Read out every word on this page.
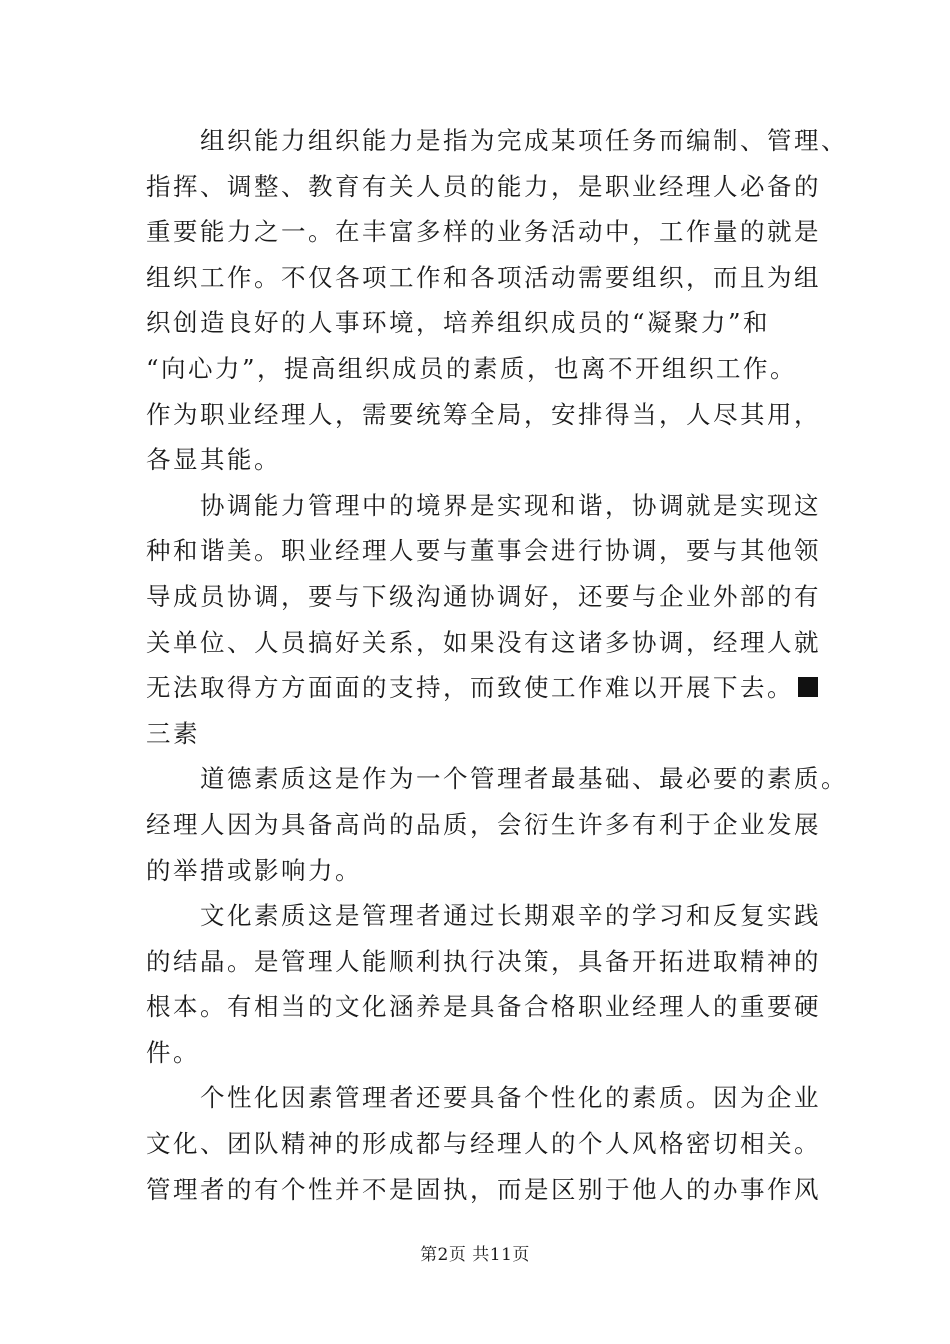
组织能力组织能力是指为完成某项任务而编制、管理、
指挥、调整、教育有关人员的能力，是职业经理人必备的
重要能力之一。在丰富多样的业务活动中，工作量的就是
组织工作。不仅各项工作和各项活动需要组织，而且为组
织创造良好的人事环境，培养组织成员的“凝聚力”和
“向心力”，提高组织成员的素质，也离不开组织工作。
作为职业经理人，需要统筹全局，安排得当，人尽其用，
各显其能。
协调能力管理中的境界是实现和谐，协调就是实现这
种和谐美。职业经理人要与董事会进行协调，要与其他领
导成员协调，要与下级沟通协调好，还要与企业外部的有
关单位、人员搞好关系，如果没有这诸多协调，经理人就
无法取得方方面面的支持，而致使工作难以开展下去。
三素
道德素质这是作为一个管理者最基础、最必要的素质。
经理人因为具备高尚的品质，会衍生许多有利于企业发展
的举措或影响力。
文化素质这是管理者通过长期艰辛的学习和反复实践
的结晶。是管理人能顺利执行决策，具备开拓进取精神的
根本。有相当的文化涵养是具备合格职业经理人的重要硬
件。
个性化因素管理者还要具备个性化的素质。因为企业
文化、团队精神的形成都与经理人的个人风格密切相关。
管理者的有个性并不是固执，而是区别于他人的办事作风
第2页 共11页
